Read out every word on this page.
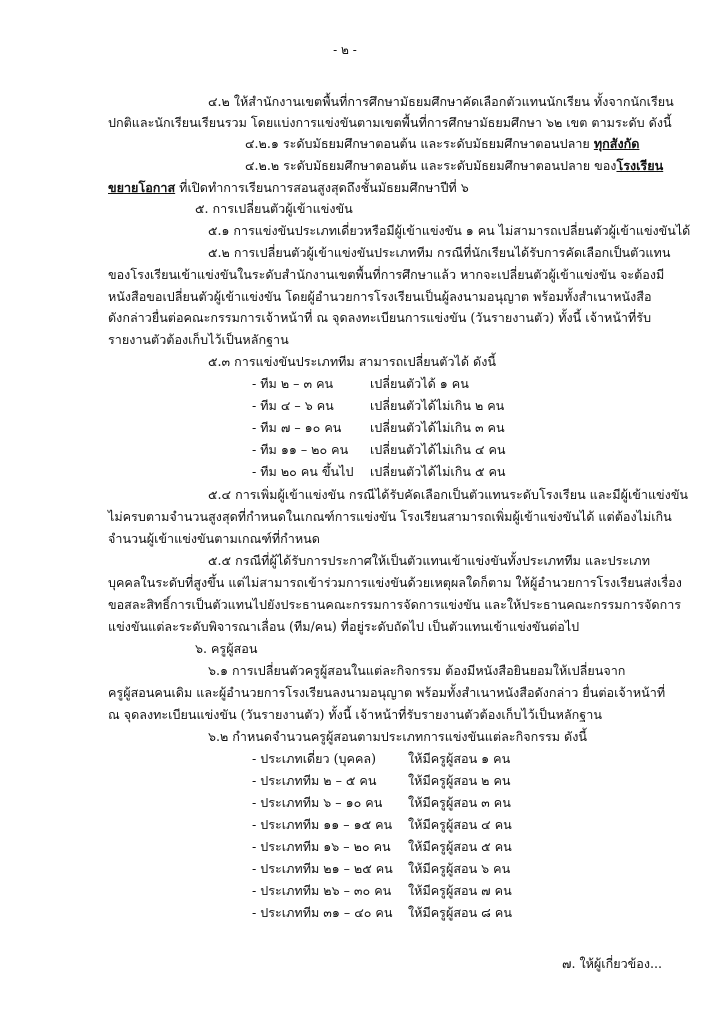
- ๒ -
๔.๒ ให้สำนักงานเขตพื้นที่การศึกษามัธยมศึกษาคัดเลือกตัวแทนนักเรียน ทั้งจากนักเรียน
ปกติและนักเรียนเรียนรวม โดยแบ่งการแข่งขันตามเขตพื้นที่การศึกษามัธยมศึกษา ๖๒ เขต ตามระดับ ดังนี้
๔.๒.๑ ระดับมัธยมศึกษาตอนต้น และระดับมัธยมศึกษาตอนปลาย ทุกสังกัด
๔.๒.๒ ระดับมัธยมศึกษาตอนต้น และระดับมัธยมศึกษาตอนปลาย ของโรงเรียน
ขยายโอกาส ที่เปิดทำการเรียนการสอนสูงสุดถึงชั้นมัธยมศึกษาปีที่ ๖
๕. การเปลี่ยนตัวผู้เข้าแข่งขัน
๕.๑ การแข่งขันประเภทเดี่ยวหรือมีผู้เข้าแข่งขัน ๑ คน ไม่สามารถเปลี่ยนตัวผู้เข้าแข่งขันได้
๕.๒ การเปลี่ยนตัวผู้เข้าแข่งขันประเภททีม กรณีที่นักเรียนได้รับการคัดเลือกเป็นตัวแทน
ของโรงเรียนเข้าแข่งขันในระดับสำนักงานเขตพื้นที่การศึกษาแล้ว หากจะเปลี่ยนตัวผู้เข้าแข่งขัน จะต้องมี
หนังสือขอเปลี่ยนตัวผู้เข้าแข่งขัน โดยผู้อำนวยการโรงเรียนเป็นผู้ลงนามอนุญาต พร้อมทั้งสำเนาหนังสือ
ดังกล่าวยื่นต่อคณะกรรมการเจ้าหน้าที่ ณ จุดลงทะเบียนการแข่งขัน (วันรายงานตัว) ทั้งนี้ เจ้าหน้าที่รับ
รายงานตัวต้องเก็บไว้เป็นหลักฐาน
๕.๓ การแข่งขันประเภททีม สามารถเปลี่ยนตัวได้ ดังนี้
- ทีม ๒ – ๓ คน	เปลี่ยนตัวได้ ๑ คน
- ทีม ๔ – ๖ คน	เปลี่ยนตัวได้ไม่เกิน ๒ คน
- ทีม ๗ – ๑๐ คน เปลี่ยนตัวได้ไม่เกิน ๓ คน
- ทีม ๑๑ – ๒๐ คน เปลี่ยนตัวได้ไม่เกิน ๔ คน
- ทีม ๒๐ คน ขึ้นไป เปลี่ยนตัวได้ไม่เกิน ๕ คน
๕.๔ การเพิ่มผู้เข้าแข่งขัน กรณีได้รับคัดเลือกเป็นตัวแทนระดับโรงเรียน และมีผู้เข้าแข่งขัน
ไม่ครบตามจำนวนสูงสุดที่กำหนดในเกณฑ์การแข่งขัน โรงเรียนสามารถเพิ่มผู้เข้าแข่งขันได้ แต่ต้องไม่เกิน
จำนวนผู้เข้าแข่งขันตามเกณฑ์ที่กำหนด
๕.๕ กรณีที่ผู้ได้รับการประกาศให้เป็นตัวแทนเข้าแข่งขันทั้งประเภททีม และประเภท
บุคคลในระดับที่สูงขึ้น แต่ไม่สามารถเข้าร่วมการแข่งขันด้วยเหตุผลใดก็ตาม ให้ผู้อำนวยการโรงเรียนส่งเรื่อง
ขอสละสิทธิ์การเป็นตัวแทนไปยังประธานคณะกรรมการจัดการแข่งขัน และให้ประธานคณะกรรมการจัดการ
แข่งขันแต่ละระดับพิจารณาเลื่อน (ทีม/คน) ที่อยู่ระดับถัดไป เป็นตัวแทนเข้าแข่งขันต่อไป
๖. ครูผู้สอน
๖.๑ การเปลี่ยนตัวครูผู้สอนในแต่ละกิจกรรม ต้องมีหนังสือยินยอมให้เปลี่ยนจาก
ครูผู้สอนคนเดิม และผู้อำนวยการโรงเรียนลงนามอนุญาต พร้อมทั้งสำเนาหนังสือดังกล่าว ยื่นต่อเจ้าหน้าที่
ณ จุดลงทะเบียนแข่งขัน (วันรายงานตัว) ทั้งนี้ เจ้าหน้าที่รับรายงานตัวต้องเก็บไว้เป็นหลักฐาน
๖.๒ กำหนดจำนวนครูผู้สอนตามประเภทการแข่งขันแต่ละกิจกรรม ดังนี้
- ประเภทเดี่ยว (บุคคล)	ให้มีครูผู้สอน ๑ คน
- ประเภททีม ๒ – ๕ คน	ให้มีครูผู้สอน ๒ คน
- ประเภททีม ๖ – ๑๐ คน ให้มีครูผู้สอน ๓ คน
- ประเภททีม ๑๑ – ๑๕ คน ให้มีครูผู้สอน ๔ คน
- ประเภททีม ๑๖ – ๒๐ คน ให้มีครูผู้สอน ๕ คน
- ประเภททีม ๒๑ – ๒๕ คน ให้มีครูผู้สอน ๖ คน
- ประเภททีม ๒๖ – ๓๐ คน ให้มีครูผู้สอน ๗ คน
- ประเภททีม ๓๑ – ๔๐ คน ให้มีครูผู้สอน ๘ คน
๗. ให้ผู้เกี่ยวข้อง...
